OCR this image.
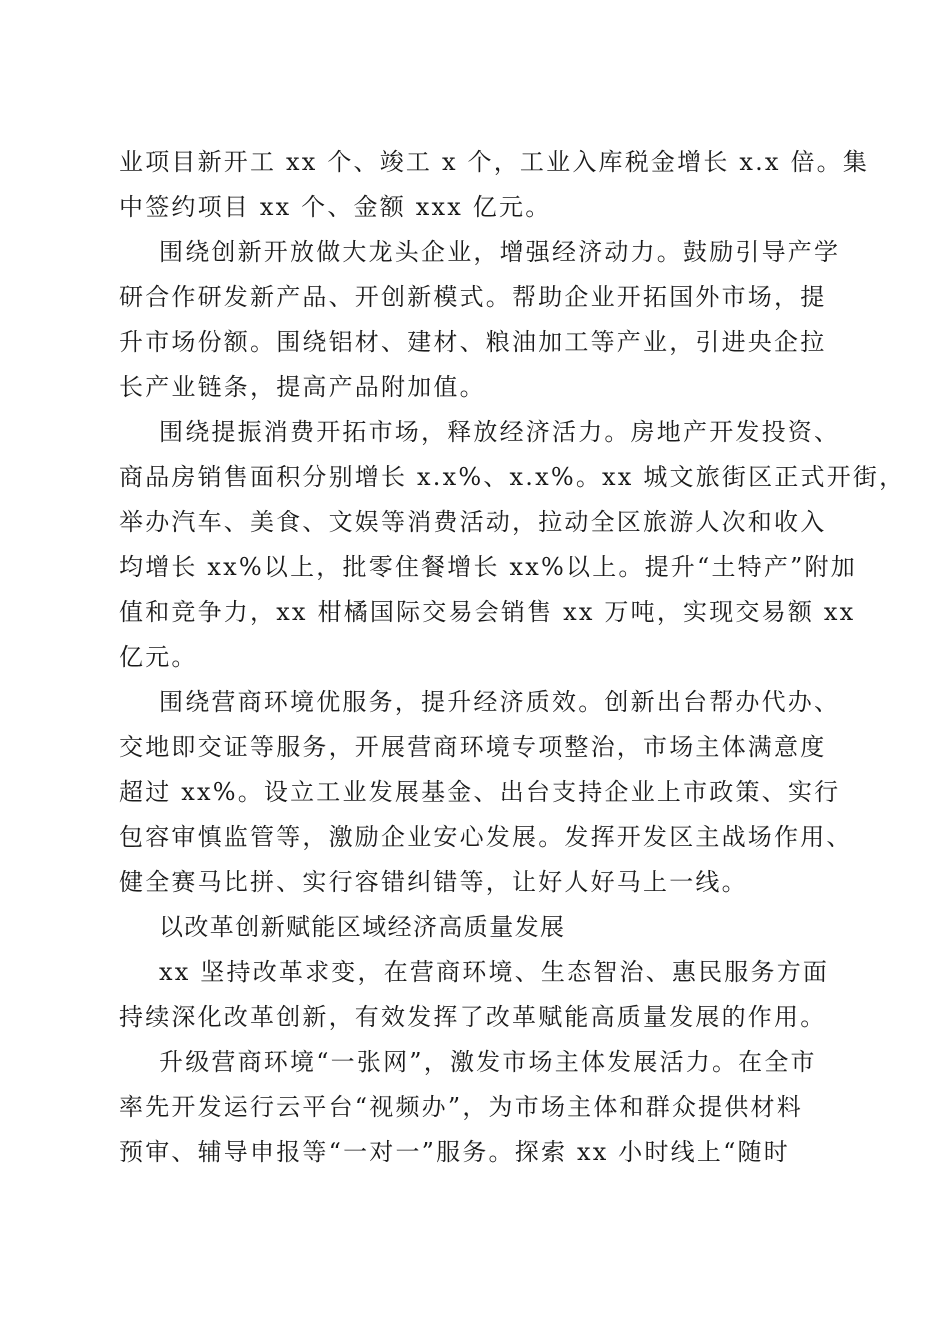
业项目新开工 xx 个、竣工 x 个，工业入库税金增长 x.x 倍。集
中签约项目 xx 个、金额 xxx 亿元。
围绕创新开放做大龙头企业，增强经济动力。鼓励引导产学
研合作研发新产品、开创新模式。帮助企业开拓国外市场，提
升市场份额。围绕铝材、建材、粮油加工等产业，引进央企拉
长产业链条，提高产品附加值。
围绕提振消费开拓市场，释放经济活力。房地产开发投资、
商品房销售面积分别增长 x.x%、x.x%。xx 城文旅街区正式开街，
举办汽车、美食、文娱等消费活动，拉动全区旅游人次和收入
均增长 xx%以上，批零住餐增长 xx%以上。提升“土特产”附加
值和竞争力，xx 柑橘国际交易会销售 xx 万吨，实现交易额 xx
亿元。
围绕营商环境优服务，提升经济质效。创新出台帮办代办、
交地即交证等服务，开展营商环境专项整治，市场主体满意度
超过 xx%。设立工业发展基金、出台支持企业上市政策、实行
包容审慎监管等，激励企业安心发展。发挥开发区主战场作用、
健全赛马比拼、实行容错纠错等，让好人好马上一线。
以改革创新赋能区域经济高质量发展
xx 坚持改革求变，在营商环境、生态智治、惠民服务方面
持续深化改革创新，有效发挥了改革赋能高质量发展的作用。
升级营商环境“一张网”，激发市场主体发展活力。在全市
率先开发运行云平台“视频办”，为市场主体和群众提供材料
预审、辅导申报等“一对一”服务。探索 xx 小时线上“随时
